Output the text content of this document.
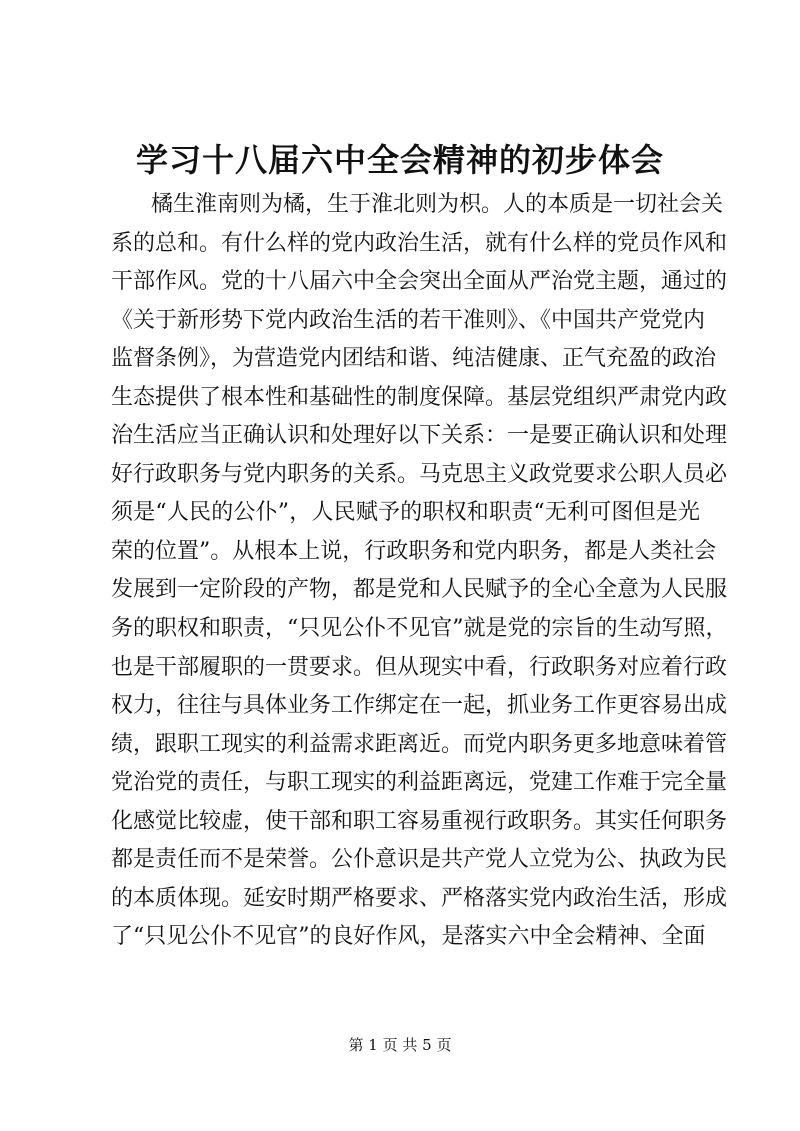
学习十八届六中全会精神的初步体会
橘生淮南则为橘，生于淮北则为枳。人的本质是一切社会关
系的总和。有什么样的党内政治生活，就有什么样的党员作风和
干部作风。党的十八届六中全会突出全面从严治党主题，通过的
《关于新形势下党内政治生活的若干准则》、《中国共产党党内
监督条例》，为营造党内团结和谐、纯洁健康、正气充盈的政治
生态提供了根本性和基础性的制度保障。基层党组织严肃党内政
治生活应当正确认识和处理好以下关系：一是要正确认识和处理
好行政职务与党内职务的关系。马克思主义政党要求公职人员必
须是“人民的公仆”，人民赋予的职权和职责“无利可图但是光
荣的位置”。从根本上说，行政职务和党内职务，都是人类社会
发展到一定阶段的产物，都是党和人民赋予的全心全意为人民服
务的职权和职责，“只见公仆不见官”就是党的宗旨的生动写照，
也是干部履职的一贯要求。但从现实中看，行政职务对应着行政
权力，往往与具体业务工作绑定在一起，抓业务工作更容易出成
绩，跟职工现实的利益需求距离近。而党内职务更多地意味着管
党治党的责任，与职工现实的利益距离远，党建工作难于完全量
化感觉比较虚，使干部和职工容易重视行政职务。其实任何职务
都是责任而不是荣誉。公仆意识是共产党人立党为公、执政为民
的本质体现。延安时期严格要求、严格落实党内政治生活，形成
了“只见公仆不见官”的良好作风，是落实六中全会精神、全面
第 1 页 共 5 页
